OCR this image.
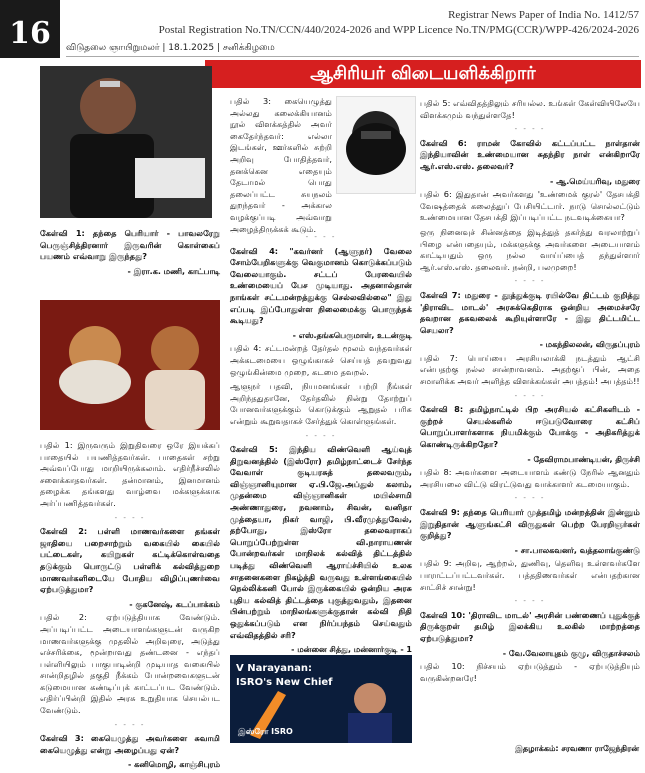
16
Registrar News Paper of India No. 1412/57
Postal Registration No.TN/CCN/440/2024-2026 and WPP Licence No.TN/PMG(CCR)/WPP-426/2024-2026
விடுதலை ஞாயிறுமலர் | 18.1.2025 | சனிக்கிழமை
ஆசிரியர் விடையளிக்கிறார்

கேள்வி 1: தந்தை பெரியார் - பாவலரேறு பெருஞ்சித்திரனார் இருவரின் கொள்கைப் பயணம் எவ்வாறு இருந்தது?

- இரா.க. மணி, காட்பாடி

பதில் 1: இருவரும் இறுதிவரை ஒரே இயக்கப் பாதையில் பயணித்தவர்கள். பாதைகள் சற்று அவ்வப்போது மாறியிருக்கலாம். எதிர்நீச்சலில் சளைக்காதவர்கள். தன்மானம், இனமானம் தழைக்க தங்களது வாழ்வை மக்களுக்காக அர்ப்பணித்தவர்கள்.

- - - -

கேள்வி 2: பள்ளி மாணவர்களை தங்கள் ஜாதியை பறைசாற்றும் வகையில் கையில் பட்டைகள், கயிறுகள் கட்டிக்கொள்வதை தடுக்கும் பொருட்டு பள்ளிக் கல்வித்துறை மாணவர்களிடையே போதிய விழிப்புணர்வை ஏற்படுத்துமா?

- குகனேஷ், கடப்பாக்கம்

பதில் 2: ஏற்படுத்தியாக வேண்டும். அப்படிப்பட்ட அடையாளங்களுடன் வருகிற மாணவர்களுக்கு முதலில் அறிவுரை, அடுத்து எச்சரிக்கை, மூன்றாவது தண்டனை - எந்தப் பள்ளியிலும் பாகுபாடின்றி முடியாத வகையில் சான்றிதழில் தகுதி நீக்கம் போன்றவைகளுடன் கடுமையான கண்டிப்புக் காட்டப்பட வேண்டும். எதிர்ப்பின்றி இதில் அரசு உறுதியாக செயல்பட வேண்டும்.

- - - -

கேள்வி 3: கையெழுத்து அவர்களை சுவாமி கையெழுத்து என்று அழைப்பது ஏன்?

- கனிமொழி, காஞ்சிபுரம்

பதில் 3: கையெழுத்து அல்லது கலைக்கியானம் நூல் விளக்கத்தில் அவர் கைதேர்ந்தவர்: எல்லா இடங்கள், ஊர்களில் சுற்றி அறிவு போதித்தவர், தனக்கென எதையும் தேடாமல் பொது தலைப்பட்ட சுயநலம் துறந்தவர் - அக்கால வழக்குப்படி அவ்வாறு அழைத்திருக்கக் கூடும்.

- - - -

கேள்வி 4: "கவர்னர் (ஆளுநர்) வேலை சோம்பேறிகளுக்கு வெகுமானம் கொடுக்கப்படும் வேலையாகும். சட்டப் பேரவையில் உண்மையைப் பேச முடியாது. அதனால்தான் நாங்கள் சட்டமன்றத்துக்கு செல்லவில்லை" இது எப்படி இப்போதுள்ள நிலைமைக்கு பொருந்தக் கூடியது?

- எஸ்.தங்கபெருமாள், உடன்குடி

பதில் 4: சட்டமன்றத் தேர்தல் மூலம் வந்தவர்கள் அக்கடமையை ஒழுங்காகச் செய்யத் தவறுவது ஒழுங்கின்மை முறை, கடமை தவறல்.

ஆளுநர் பதவி, நியமனங்கள் பற்றி நீங்கள் அறிந்ததுதானே, தேர்தலில் நின்று தோற்றுப் போனவர்களுக்கும் கொடுக்கும் ஆறுதல் பரிசு என்றும் கூறுவதாகச் சேர்த்துக் கொள்ளுங்கள்.

- - - -

கேள்வி 5: இந்திய விண்வெளி ஆய்வுத் திறுவனத்தில் (இஸ்ரோ) தமிழ்நாட்டைச் சேர்ந்த வேவாள் குடியரசுத் தலைவரும், விஞ்ஞானியுமான ஏ.பி.ஜே.அப்துல் கலாம், முதன்மை விஞ்ஞானிகள் மயில்சாமி அண்ணாதுரை, நவனாம், சிவன், வனிதா முத்தையா, நிகர் வாஜி, பி.வீரமுத்துவேல், தற்போது, இஸ்ரோ தலைவராகப் பொறுப்பேற்றுள்ள வி.நாராயணன் போன்றவர்கள் மாநிலக் கல்வித் திட்டத்தில் படித்து விண்வெளி ஆராய்ச்சியில் உலக சாதனைகளை நிகழ்த்தி வருவது உள்ளங்கையில் நெல்லிக்கனி போல் இருக்கையில் ஒன்றிய அரசு புதிய கல்வித் திட்டத்தை புகுத்துவதும், இதனை பின்பற்றும் மாநிலங்களுக்குதான் கல்வி நிதி ஒதுக்கப்படும் என நிர்ப்பந்தம் செய்வதும் எவ்விதத்தில் சரி?

- மன்னை சித்து, மன்னார்குடி - 1
V Narayanan:
ISRO's New Chief
இஸ்ரோ ISRO

பதில் 5: எவ்விதத்திலும் சரியல்ல. உங்கள் கேள்வியிலேயே விளக்கமும் வந்துள்ளதே!

- - - -

கேள்வி 6: ராமன் கோவில் கட்டப்பட்ட நாள்தான் இந்தியாவின் உண்மையான சுதந்திர நாள் என்கிறாரே ஆர்.எஸ்.எஸ். தலைவர்?

- ஆ.மெய்யரிவு, மதுரை

பதில் 6: இதுதான் அவர்களது 'உண்மைக் குரல்' தேசபக்தி வேஷத்தைக் கலைத்துப் பேசியிட்டார். நாடு சொல்லட்டும் உண்மையான தேசபக்தி இப்படிப்பட்ட நடவடிக்கையா?

ஒரு நினைவுச் சின்னத்தை இடித்துத் தகர்த்து வரலாற்றுப் பிழை என்பதையும், மக்களுக்கு அவர்களை அடையாளம் காட்டியதும் ஒரு நல்ல வாய்ப்பைத் தந்துள்ளார் ஆர்.எஸ்.எஸ். தலைவர். நன்றி, பலமுறை!

- - - -

கேள்வி 7: மதுரை - தூத்துக்குடி ரயில்வே திட்டம் குறித்து 'திராவிட மாடல்' அரசுக்கெதிராக ஒன்றிய அமைச்சரே தவறான தகவலைக் கூறியுள்ளாரே - இது திட்டமிட்ட செயலா?

- மகந்திலலன், விருதப்புரம்

பதில் 7: பொய்யை அரசியலாக்கி நடத்தும் ஆட்சி என்பதற்கு நல்ல சான்றாவனம். அதற்குப் பின், அதை சமாளிக்க அவர் அளித்த விளக்கங்கள் அபத்தம்! அபத்தம்!!

- - - -

கேள்வி 8: தமிழ்நாட்டில் பிற அரசியல் கட்சிகளிடம் - குற்றச் செயல்களில் ஈடுபடுவோரை கட்சிப் பொறுப்பாளர்களாக நியமிக்கும் போக்கு - அதிகரித்துக் கொண்டிருக்கிறதோ?

- தேவிராமபாண்டியன், திருச்சி

பதில் 8: அவர்களை அடையாளம் கண்டு நேரில் ஆனதும் அரசியலை விட்டு விரட்டுவது வாக்காளர் கடமையாகும்.

- - - -

கேள்வி 9: தந்தை பெரியார் முத்தமிழ் மன்றத்தின் இன்னும் இறுதிதான் ஆளுங்கட்சி விருதுகள் பெற்ற பேரறிஞர்கள் குறித்து?

- சா.பாலகவனர், வத்தலாங்குண்டு

பதில் 9: அறிவு, ஆற்றல், துணிவு, தெளிவு உள்ளவர்களே பாராட்டப்பட்டவர்கள். பத்ததிணவர்கள் என்பதற்கான சாட்சிச் சான்று!

- - - -

கேள்வி 10: 'திராவிட மாடல்' அரசின் பண்ணைப் புதுக்குத் திருக்குறள் தமிழ் இலக்கிய உலகில் மாற்றத்தை ஏற்படுத்துமா?

- வே.வேலாயுதம் குழு, விருதாச்சலம்

பதில் 10: நிச்சயம் ஏற்படுத்தும் - ஏற்படுத்தியும் வருகின்றனரே!

இதழாக்கம்: சரவணா ராஜேந்திரன்
